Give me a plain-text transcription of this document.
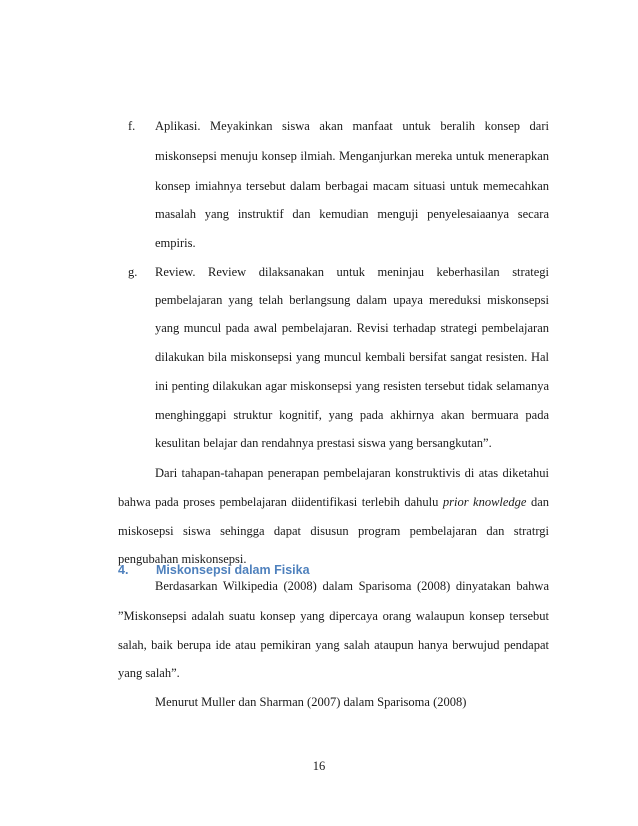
f. Aplikasi. Meyakinkan siswa akan manfaat untuk beralih konsep dari
miskonsepsi menuju konsep ilmiah. Menganjurkan mereka untuk menerapkan
konsep imiahnya tersebut dalam berbagai macam situasi untuk memecahkan
masalah yang instruktif dan kemudian menguji penyelesaiaanya secara
empiris.
g. Review. Review dilaksanakan untuk meninjau keberhasilan strategi
pembelajaran yang telah berlangsung dalam upaya mereduksi miskonsepsi
yang muncul pada awal pembelajaran. Revisi terhadap strategi pembelajaran
dilakukan bila miskonsepsi yang muncul kembali bersifat sangat resisten. Hal
ini penting dilakukan agar miskonsepsi yang resisten tersebut tidak selamanya
menghinggapi struktur kognitif, yang pada akhirnya akan bermuara pada
kesulitan belajar dan rendahnya prestasi siswa yang bersangkutan”.
Dari tahapan-tahapan penerapan pembelajaran konstruktivis di atas diketahui
bahwa pada proses pembelajaran diidentifikasi terlebih dahulu prior knowledge dan
miskosepsi siswa sehingga dapat disusun program pembelajaran dan stratrgi
pengubahan miskonsepsi.
4. Miskonsepsi dalam Fisika
Berdasarkan Wilkipedia (2008) dalam Sparisoma (2008) dinyatakan bahwa
”Miskonsepsi adalah suatu konsep yang dipercaya orang walaupun konsep tersebut
salah, baik berupa ide atau pemikiran yang salah ataupun hanya berwujud pendapat
yang salah”.
Menurut Muller dan Sharman (2007) dalam Sparisoma (2008)
16
